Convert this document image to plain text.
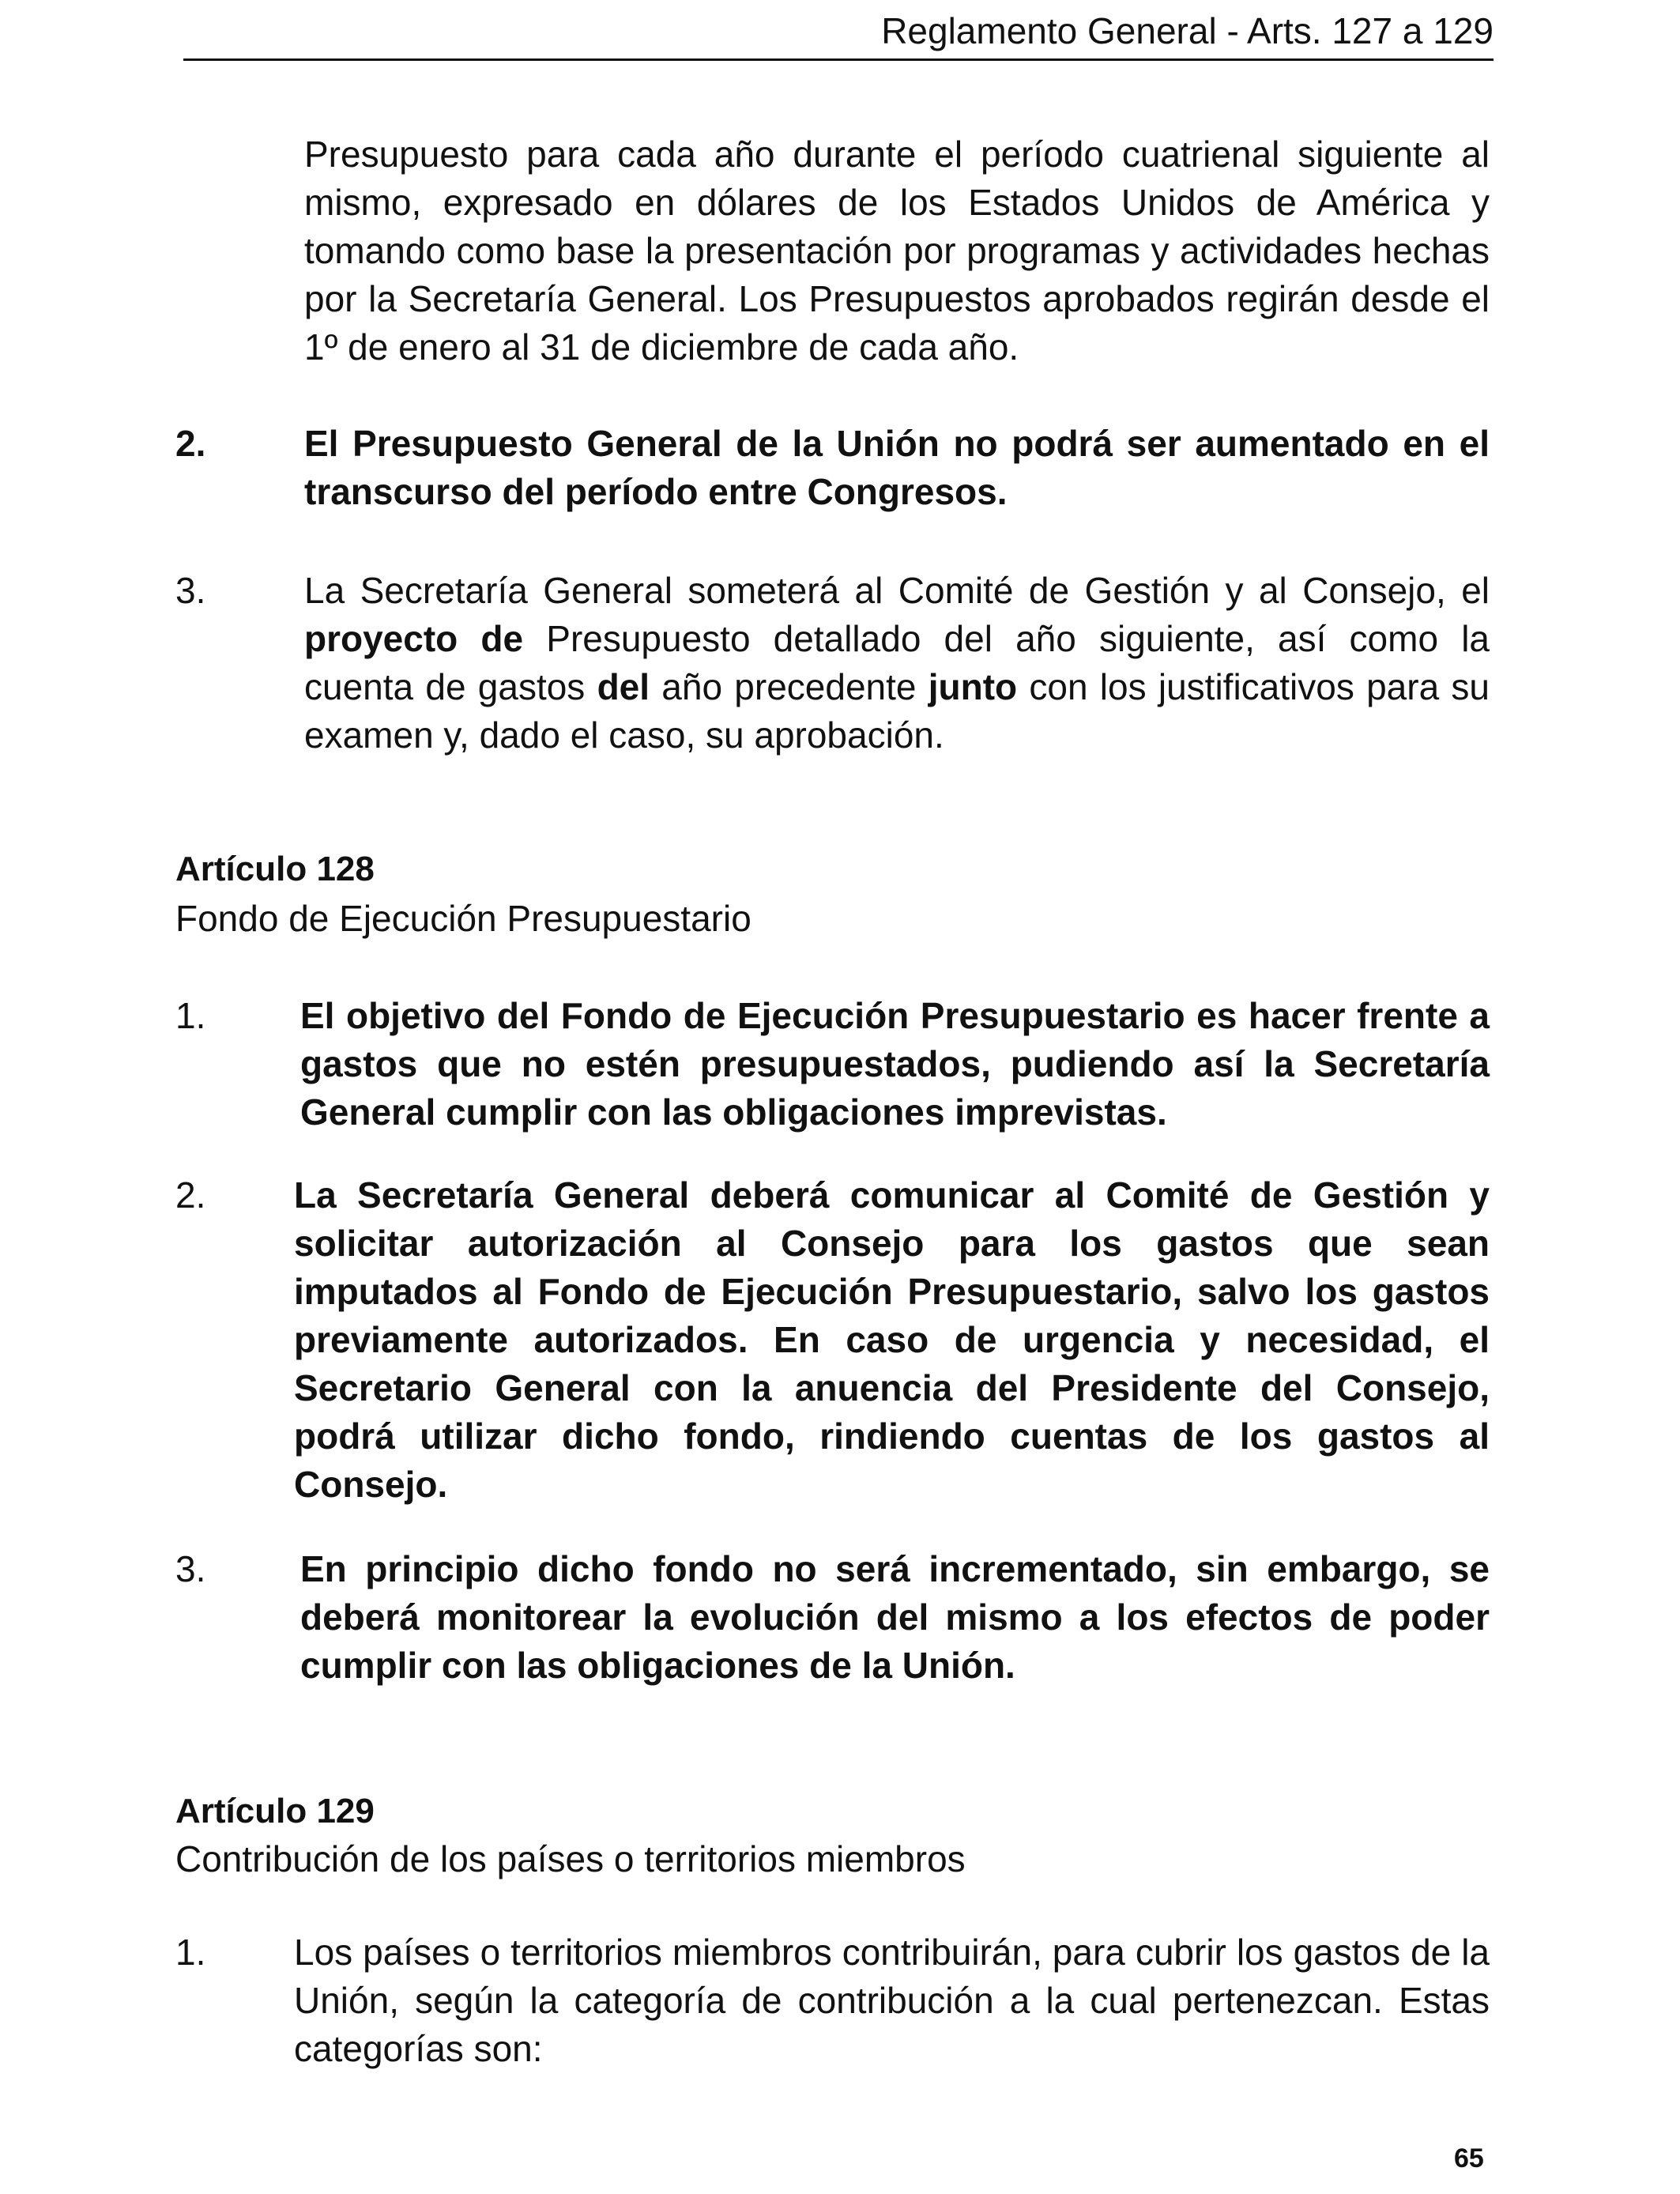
Reglamento General - Arts. 127 a 129

Presupuesto para cada año durante el período cuatrienal siguiente al mismo, expresado en dólares de los Estados Unidos de América y tomando como base la presentación por programas y actividades hechas por la Secretaría General. Los Presupuestos aprobados regirán desde el 1º de enero al 31 de diciembre de cada año.

2.	El Presupuesto General de la Unión no podrá ser aumentado en el transcurso del período entre Congresos.

3.	La Secretaría General someterá al Comité de Gestión y al Consejo, el proyecto de Presupuesto detallado del año siguiente, así como la cuenta de gastos del año precedente junto con los justificativos para su examen y, dado el caso, su aprobación.

Artículo 128
Fondo de Ejecución Presupuestario
1.	El objetivo del Fondo de Ejecución Presupuestario es hacer frente a gastos que no estén presupuestados, pudiendo así la Secretaría General cumplir con las obligaciones imprevistas.

2. La Secretaría General deberá comunicar al Comité de Gestión y solicitar autorización al Consejo para los gastos que sean imputados al Fondo de Ejecución Presupuestario, salvo los gastos previamente autorizados. En caso de urgencia y necesidad, el Secretario General con la anuencia del Presidente del Consejo, podrá utilizar dicho fondo, rindiendo cuentas de los gastos al Consejo.

3.	En principio dicho fondo no será incrementado, sin embargo, se deberá monitorear la evolución del mismo a los efectos de poder cumplir con las obligaciones de la Unión.

Artículo 129
Contribución de los países o territorios miembros
1. Los países o territorios miembros contribuirán, para cubrir los gastos de la Unión, según la categoría de contribución a la cual pertenezcan. Estas categorías son:

65
